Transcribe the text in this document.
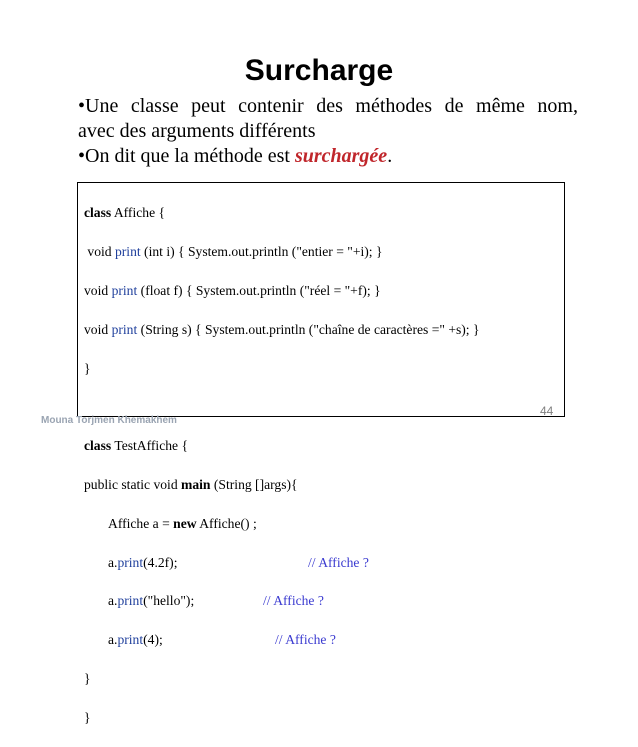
Surcharge

•Une classe peut contenir des méthodes de même nom,

avec des arguments différents

•On dit que la méthode est surchargée.

class Affiche {

void print (int i) { System.out.println ("entier = "+i); }

void print (float f) { System.out.println ("réel = "+f); }

void print (String s) { System.out.println ("chaîne de caractères =" +s); }

}

class TestAffiche {

public static void main (String []args){

Affiche a = new Affiche() ;

a.print(4.2f);	// Affiche ?

a.print("hello");	// Affiche ?

a.print(4);	// Affiche ?

}

}

Mouna Torjmen Khemakhem
44
